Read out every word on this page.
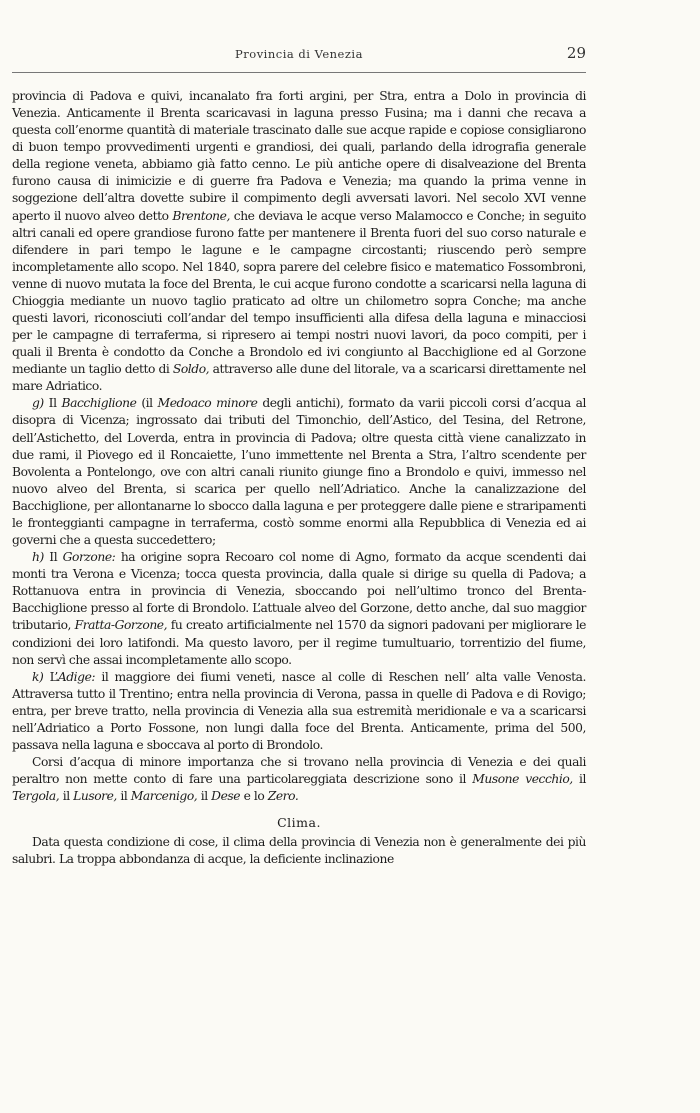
Provincia di Venezia	29

provincia di Padova e quivi, incanalato fra forti argini, per Stra, entra a Dolo in provincia di Venezia. Anticamente il Brenta scaricavasi in laguna presso Fusina; ma i danni che recava a questa coll’enorme quantità di materiale trascinato dalle sue acque rapide e copiose consigliarono di buon tempo provvedimenti urgenti e grandiosi, dei quali, parlando della idrografia generale della regione veneta, abbiamo già fatto cenno. Le più antiche opere di disalveazione del Brenta furono causa di inimicizie e di guerre fra Padova e Venezia; ma quando la prima venne in soggezione dell’altra dovette subire il compimento degli avversati lavori. Nel secolo XVI venne aperto il nuovo alveo detto Brentone, che deviava le acque verso Malamocco e Conche; in seguito altri canali ed opere grandiose furono fatte per mantenere il Brenta fuori del suo corso naturale e difendere in pari tempo le lagune e le campagne circostanti; riuscendo però sempre incompletamente allo scopo. Nel 1840, sopra parere del celebre fisico e matematico Fossombroni, venne di nuovo mutata la foce del Brenta, le cui acque furono condotte a scaricarsi nella laguna di Chioggia mediante un nuovo taglio praticato ad oltre un chilometro sopra Conche; ma anche questi lavori, riconosciuti coll’andar del tempo insufficienti alla difesa della laguna e minacciosi per le campagne di terraferma, si ripresero ai tempi nostri nuovi lavori, da poco compiti, per i quali il Brenta è condotto da Conche a Brondolo ed ivi congiunto al Bacchiglione ed al Gorzone mediante un taglio detto di Soldo, attraverso alle dune del litorale, va a scaricarsi direttamente nel mare Adriatico.

g) Il Bacchiglione (il Medoaco minore degli antichi), formato da varii piccoli corsi d’acqua al disopra di Vicenza; ingrossato dai tributi del Timonchio, dell’Astico, del Tesina, del Retrone, dell’Astichetto, del Loverda, entra in provincia di Padova; oltre questa città viene canalizzato in due rami, il Piovego ed il Roncaiette, l’uno immettente nel Brenta a Stra, l’altro scendente per Bovolenta a Pontelongo, ove con altri canali riunito giunge fino a Brondolo e quivi, immesso nel nuovo alveo del Brenta, si scarica per quello nell’Adriatico. Anche la canalizzazione del Bacchiglione, per allontanarne lo sbocco dalla laguna e per proteggere dalle piene e straripamenti le fronteggianti campagne in terraferma, costò somme enormi alla Repubblica di Venezia ed ai governi che a questa succedettero;

h) Il Gorzone: ha origine sopra Recoaro col nome di Agno, formato da acque scendenti dai monti tra Verona e Vicenza; tocca questa provincia, dalla quale si dirige su quella di Padova; a Rottanuova entra in provincia di Venezia, sboccando poi nell’ultimo tronco del Brenta-Bacchiglione presso al forte di Brondolo. L’attuale alveo del Gorzone, detto anche, dal suo maggior tributario, Fratta-Gorzone, fu creato artificialmente nel 1570 da signori padovani per migliorare le condizioni dei loro latifondi. Ma questo lavoro, per il regime tumultuario, torrentizio del fiume, non servì che assai incompletamente allo scopo.

k) L’Adige: il maggiore dei fiumi veneti, nasce al colle di Reschen nell’ alta valle Venosta. Attraversa tutto il Trentino; entra nella provincia di Verona, passa in quelle di Padova e di Rovigo; entra, per breve tratto, nella provincia di Venezia alla sua estremità meridionale e va a scaricarsi nell’Adriatico a Porto Fossone, non lungi dalla foce del Brenta. Anticamente, prima del 500, passava nella laguna e sboccava al porto di Brondolo.

Corsi d’acqua di minore importanza che si trovano nella provincia di Venezia e dei quali peraltro non mette conto di fare una particolareggiata descrizione sono il Musone vecchio, il Tergola, il Lusore, il Marcenigo, il Dese e lo Zero.

Clima.

Data questa condizione di cose, il clima della provincia di Venezia non è generalmente dei più salubri. La troppa abbondanza di acque, la deficiente inclinazione
